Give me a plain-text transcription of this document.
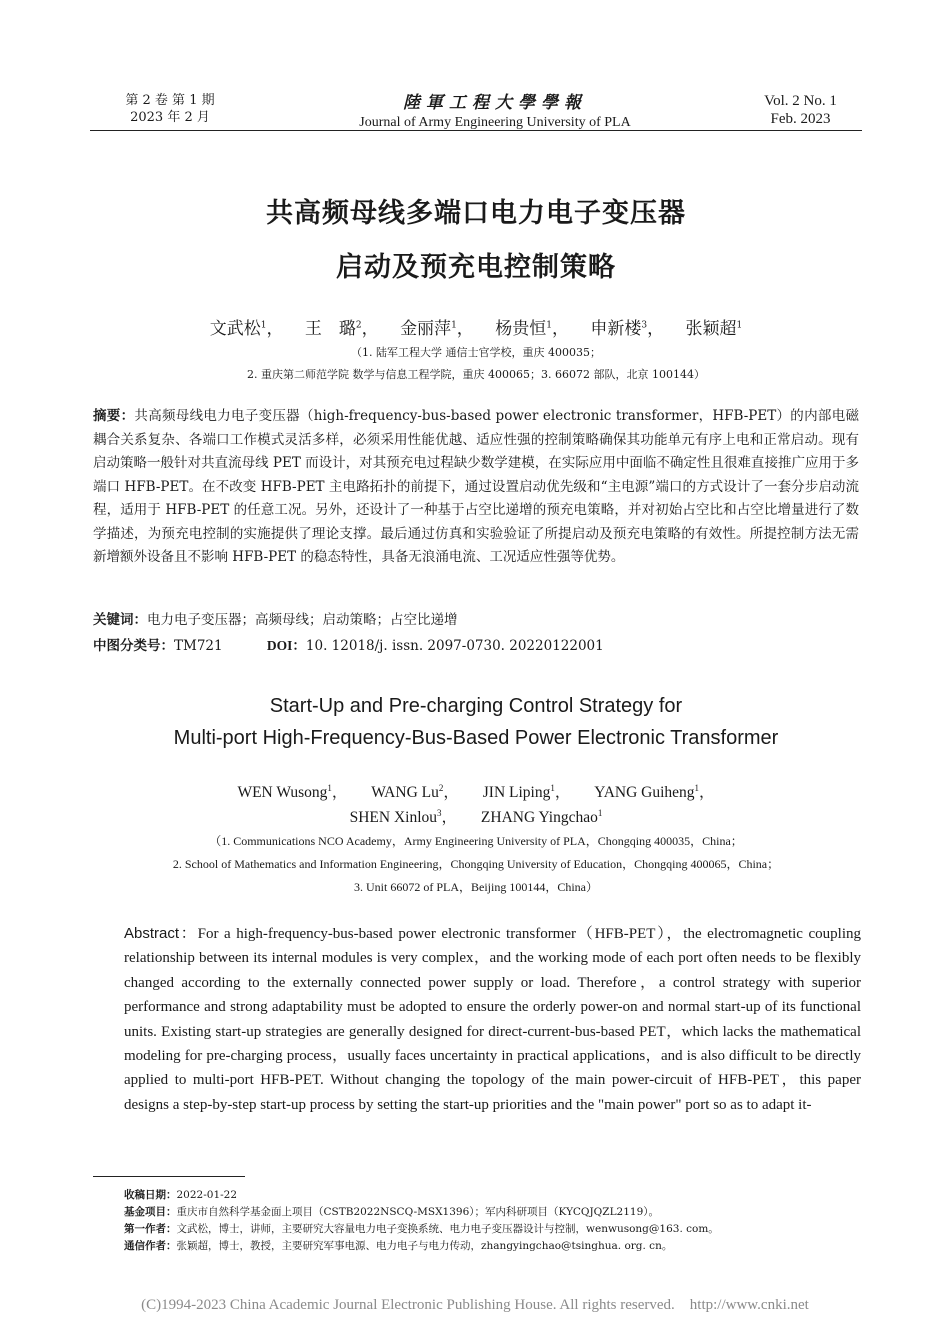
第 2 卷 第 1 期
2023 年 2 月
陸軍工程大學學報
Journal of Army Engineering University of PLA
Vol. 2 No. 1
Feb. 2023
共高频母线多端口电力电子变压器
启动及预充电控制策略
文武松$^1$， 王　璐$^2$， 金丽萍$^1$， 杨贵恒$^1$， 申新楼$^3$， 张颖超$^1$
（1. 陆军工程大学 通信士官学校，重庆 400035；
2. 重庆第二师范学院 数学与信息工程学院，重庆 400065；3. 66072 部队，北京 100144）
摘要：共高频母线电力电子变压器（high-frequency-bus-based power electronic transformer，HFB-PET）的内部电磁耦合关系复杂、各端口工作模式灵活多样，必须采用性能优越、适应性强的控制策略确保其功能单元有序上电和正常启动。现有启动策略一般针对共直流母线 PET 而设计，对其预充电过程缺少数学建模，在实际应用中面临不确定性且很难直接推广应用于多端口 HFB-PET。在不改变 HFB-PET 主电路拓扑的前提下，通过设置启动优先级和“主电源”端口的方式设计了一套分步启动流程，适用于 HFB-PET 的任意工况。另外，还设计了一种基于占空比递增的预充电策略，并对初始占空比和占空比增量进行了数学描述，为预充电控制的实施提供了理论支撑。最后通过仿真和实验验证了所提启动及预充电策略的有效性。所提控制方法无需新增额外设备且不影响 HFB-PET 的稳态特性，具备无浪涌电流、工况适应性强等优势。
关键词：电力电子变压器；高频母线；启动策略；占空比递增
中图分类号：TM721	DOI：10. 12018/j. issn. 2097-0730. 20220122001
Start-Up and Pre-charging Control Strategy for
Multi-port High-Frequency-Bus-Based Power Electronic Transformer
WEN Wusong$^1$， WANG Lu$^2$， JIN Liping$^1$， YANG Guiheng$^1$，
SHEN Xinlou$^3$， ZHANG Yingchao$^1$
（1. Communications NCO Academy，Army Engineering University of PLA，Chongqing 400035，China；
2. School of Mathematics and Information Engineering，Chongqing University of Education，Chongqing 400065，China；
3. Unit 66072 of PLA，Beijing 100144，China）
Abstract：For a high-frequency-bus-based power electronic transformer（HFB-PET），the electromagnetic coupling relationship between its internal modules is very complex，and the working mode of each port often needs to be flexibly changed according to the externally connected power supply or load. Therefore，a control strategy with superior performance and strong adaptability must be adopted to ensure the orderly power-on and normal start-up of its functional units. Existing start-up strategies are generally designed for direct-current-bus-based PET，which lacks the mathematical modeling for pre-charging process，usually faces uncertainty in practical applications，and is also difficult to be directly applied to multi-port HFB-PET. Without changing the topology of the main power-circuit of HFB-PET，this paper designs a step-by-step start-up process by setting the start-up priorities and the "main power" port so as to adapt it-
收稿日期：2022-01-22
基金项目：重庆市自然科学基金面上项目（CSTB2022NSCQ-MSX1396）；军内科研项目（KYCQJQZL2119）。
第一作者：文武松，博士，讲师，主要研究大容量电力电子变换系统、电力电子变压器设计与控制，wenwusong@163. com。
通信作者：张颖超，博士，教授，主要研究军事电源、电力电子与电力传动，zhangyingchao@tsinghua. org. cn。
(C)1994-2023 China Academic Journal Electronic Publishing House. All rights reserved.    http://www.cnki.net
